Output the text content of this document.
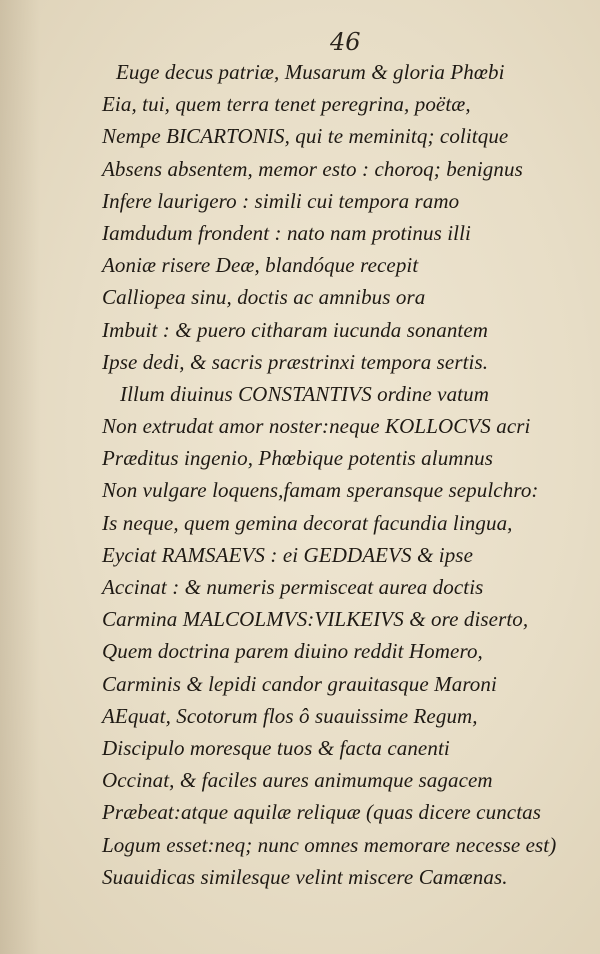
46
Euge decus patriæ, Musarum & gloria Phœbi
Eia, tui, quem terra tenet peregrina, poëtæ,
Nempe BICARTONIS, qui te meminitq; colitque
Absens absentem, memor esto : choroq; benignus
Infere laurigero : simili cui tempora ramo
Iamdudum frondent : nato nam protinus illi
Aoniæ risere Deæ, blandóque recepit
Calliopea sinu, doctis ac amnibus ora
Imbuit : & puero citharam iucunda sonantem
Ipse dedi, & sacris præstrinxi tempora sertis.
Illum diuinus CONSTANTIVS ordine vatum
Non extrudat amor noster:neque KOLLOCVS acri
Præditus ingenio, Phœbique potentis alumnus
Non vulgare loquens,famam speransque sepulchro:
Is neque, quem gemina decorat facundia lingua,
Eyciat RAMSAEVS : ei GEDDAEVS & ipse
Accinat : & numeris permisceat aurea doctis
Carmina MALCOLMVS:VILKEIVS & ore diserto,
Quem doctrina parem diuino reddit Homero,
Carminis & lepidi candor grauitasque Maroni
AEquat, Scotorum flos ô suauissime Regum,
Discipulo moresque tuos & facta canenti
Occinat, & faciles aures animumque sagacem
Præbeat:atque aquilæ reliquæ (quas dicere cunctas
Logum esset:neq; nunc omnes memorare necesse est)
Suauidicas similesque velint miscere Camænas.
